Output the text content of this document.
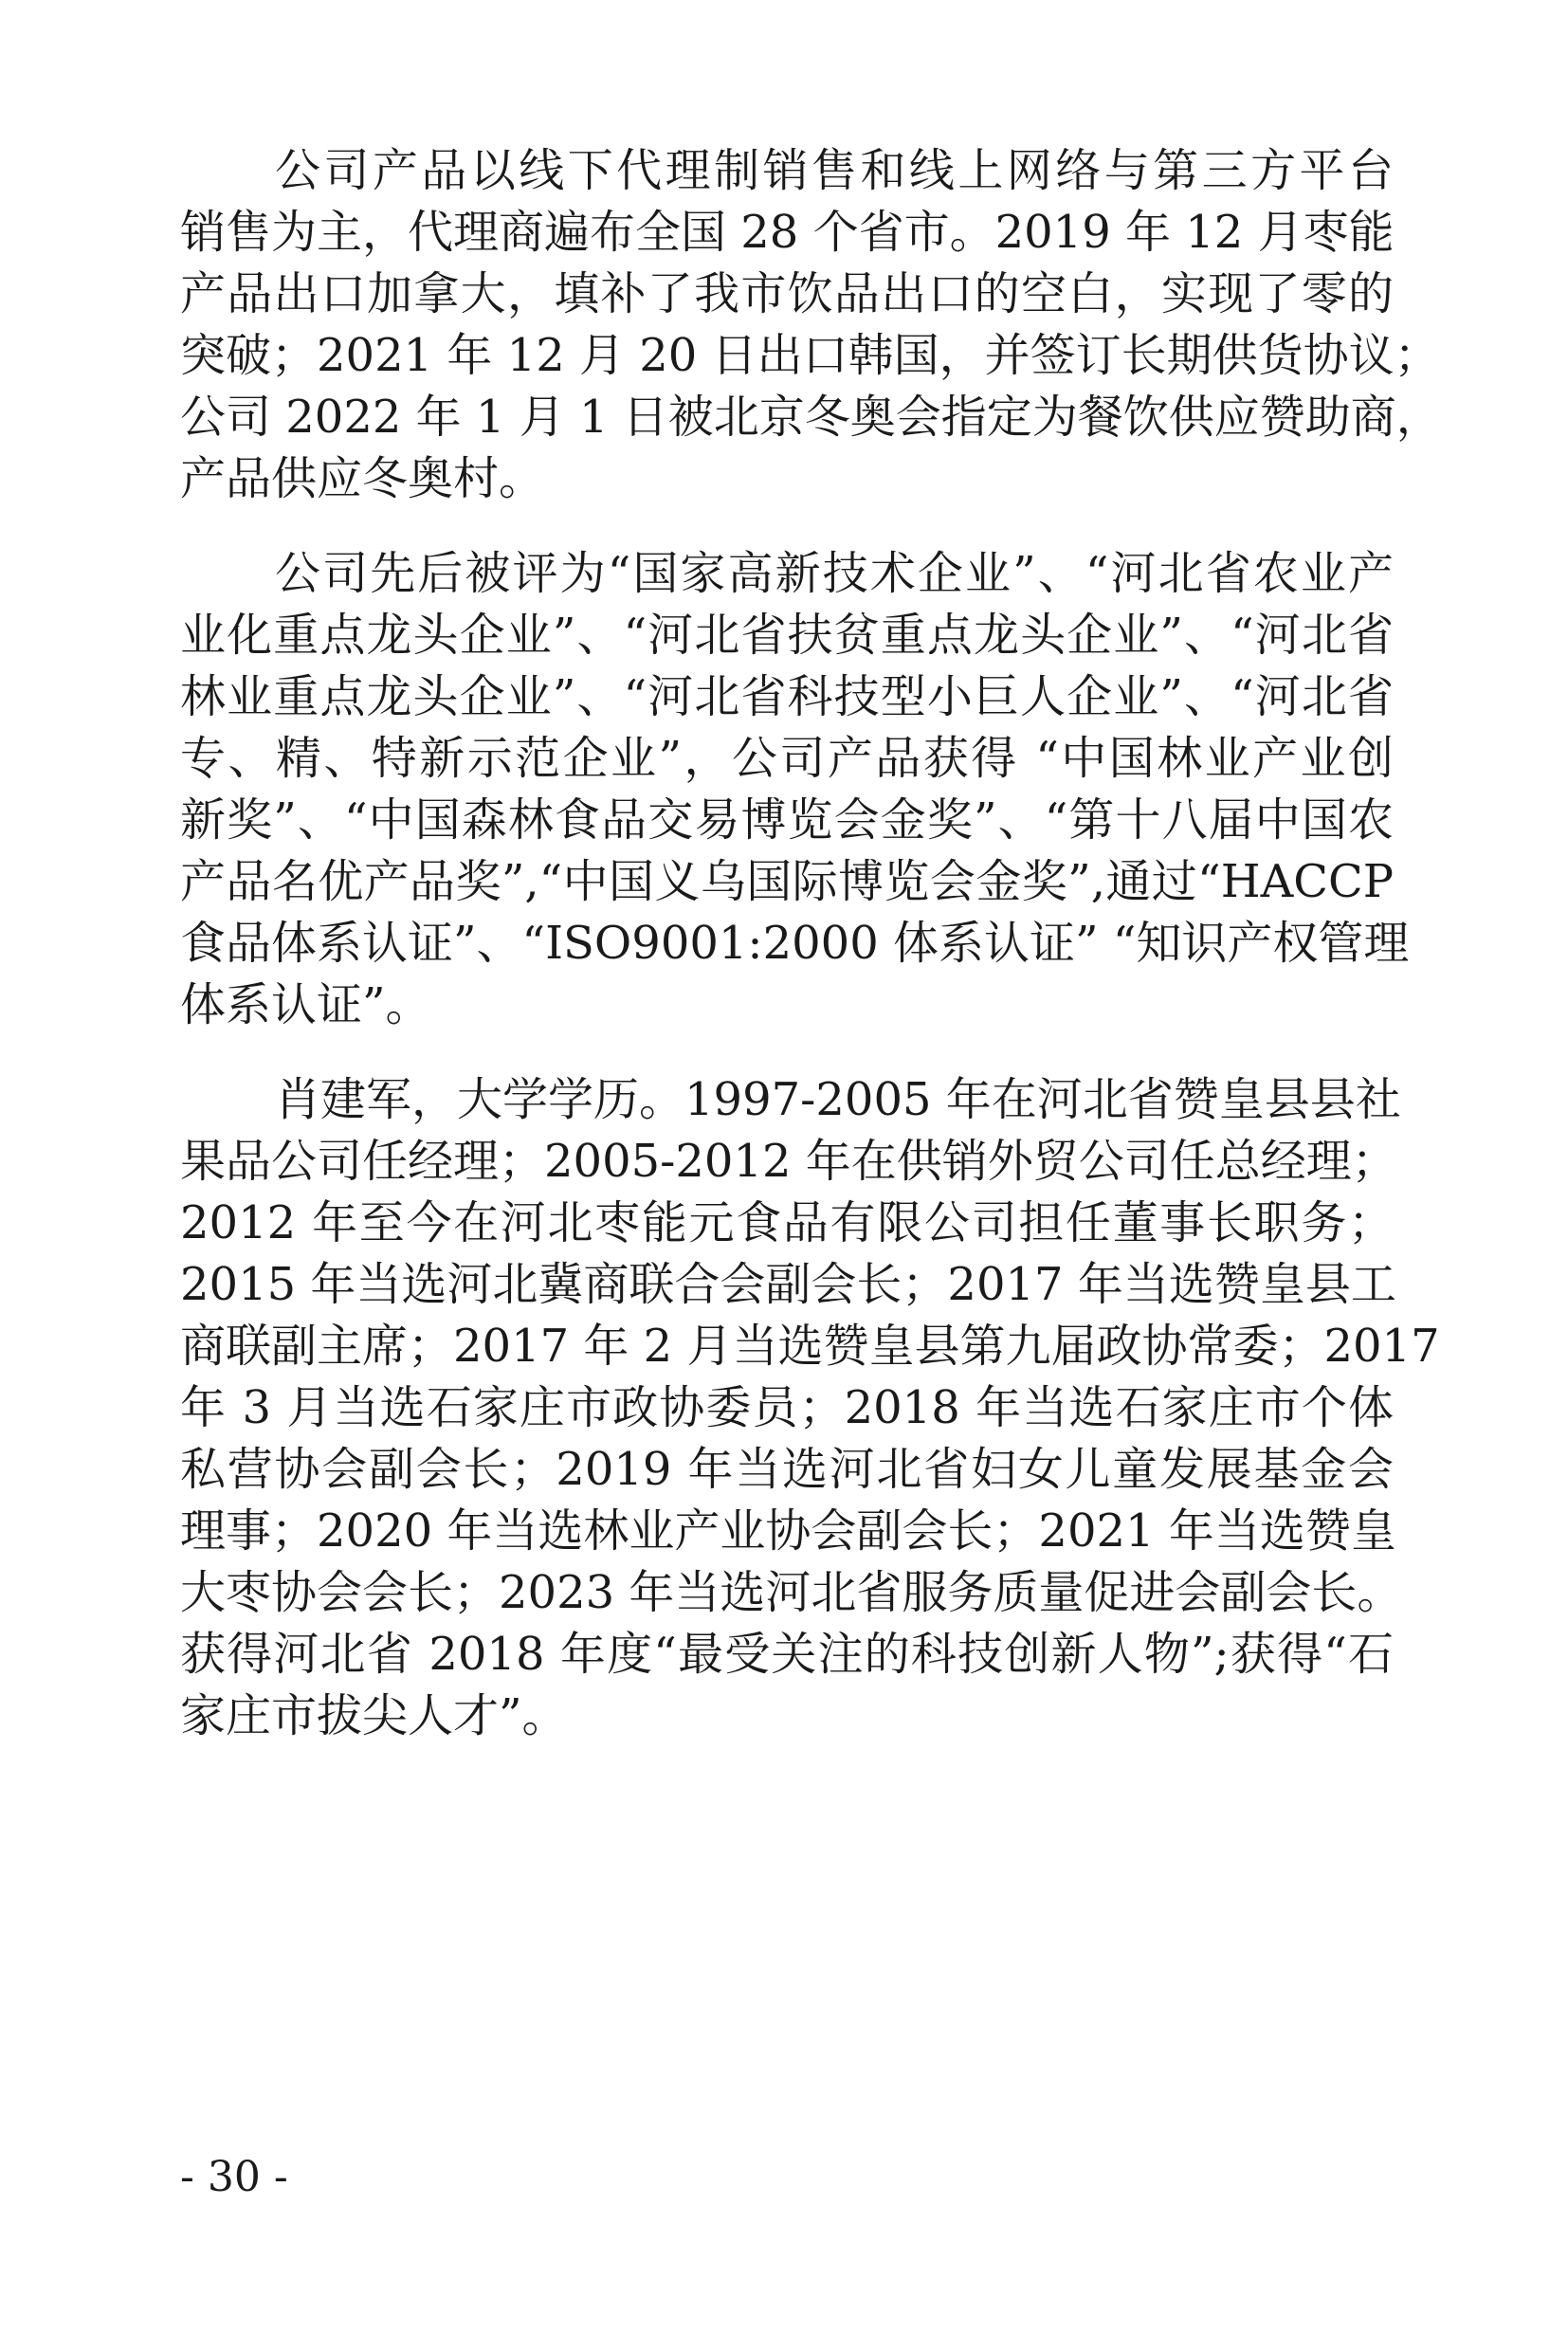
公司产品以线下代理制销售和线上网络与第三方平台
销售为主，代理商遍布全国 28 个省市。2019 年 12 月枣能
产品出口加拿大，填补了我市饮品出口的空白，实现了零的
突破；2021 年 12 月 20 日出口韩国，并签订长期供货协议；
公司 2022 年 1 月 1 日被北京冬奥会指定为餐饮供应赞助商，
产品供应冬奥村。
公司先后被评为“国家高新技术企业”、“河北省农业产
业化重点龙头企业”、“河北省扶贫重点龙头企业”、“河北省
林业重点龙头企业”、“河北省科技型小巨人企业”、“河北省
专、精、特新示范企业”，公司产品获得 “中国林业产业创
新奖”、“中国森林食品交易博览会金奖”、“第十八届中国农
产品名优产品奖”,“中国义乌国际博览会金奖”,通过“HACCP
食品体系认证”、“ISO9001:2000 体系认证” “知识产权管理
体系认证”。
肖建军，大学学历。1997-2005 年在河北省赞皇县县社
果品公司任经理；2005-2012 年在供销外贸公司任总经理；
2012 年至今在河北枣能元食品有限公司担任董事长职务；
2015 年当选河北冀商联合会副会长；2017 年当选赞皇县工
商联副主席；2017 年 2 月当选赞皇县第九届政协常委；2017
年 3 月当选石家庄市政协委员；2018 年当选石家庄市个体
私营协会副会长；2019 年当选河北省妇女儿童发展基金会
理事；2020 年当选林业产业协会副会长；2021 年当选赞皇
大枣协会会长；2023 年当选河北省服务质量促进会副会长。
获得河北省 2018 年度“最受关注的科技创新人物”;获得“石
家庄市拔尖人才”。
- 30 -
